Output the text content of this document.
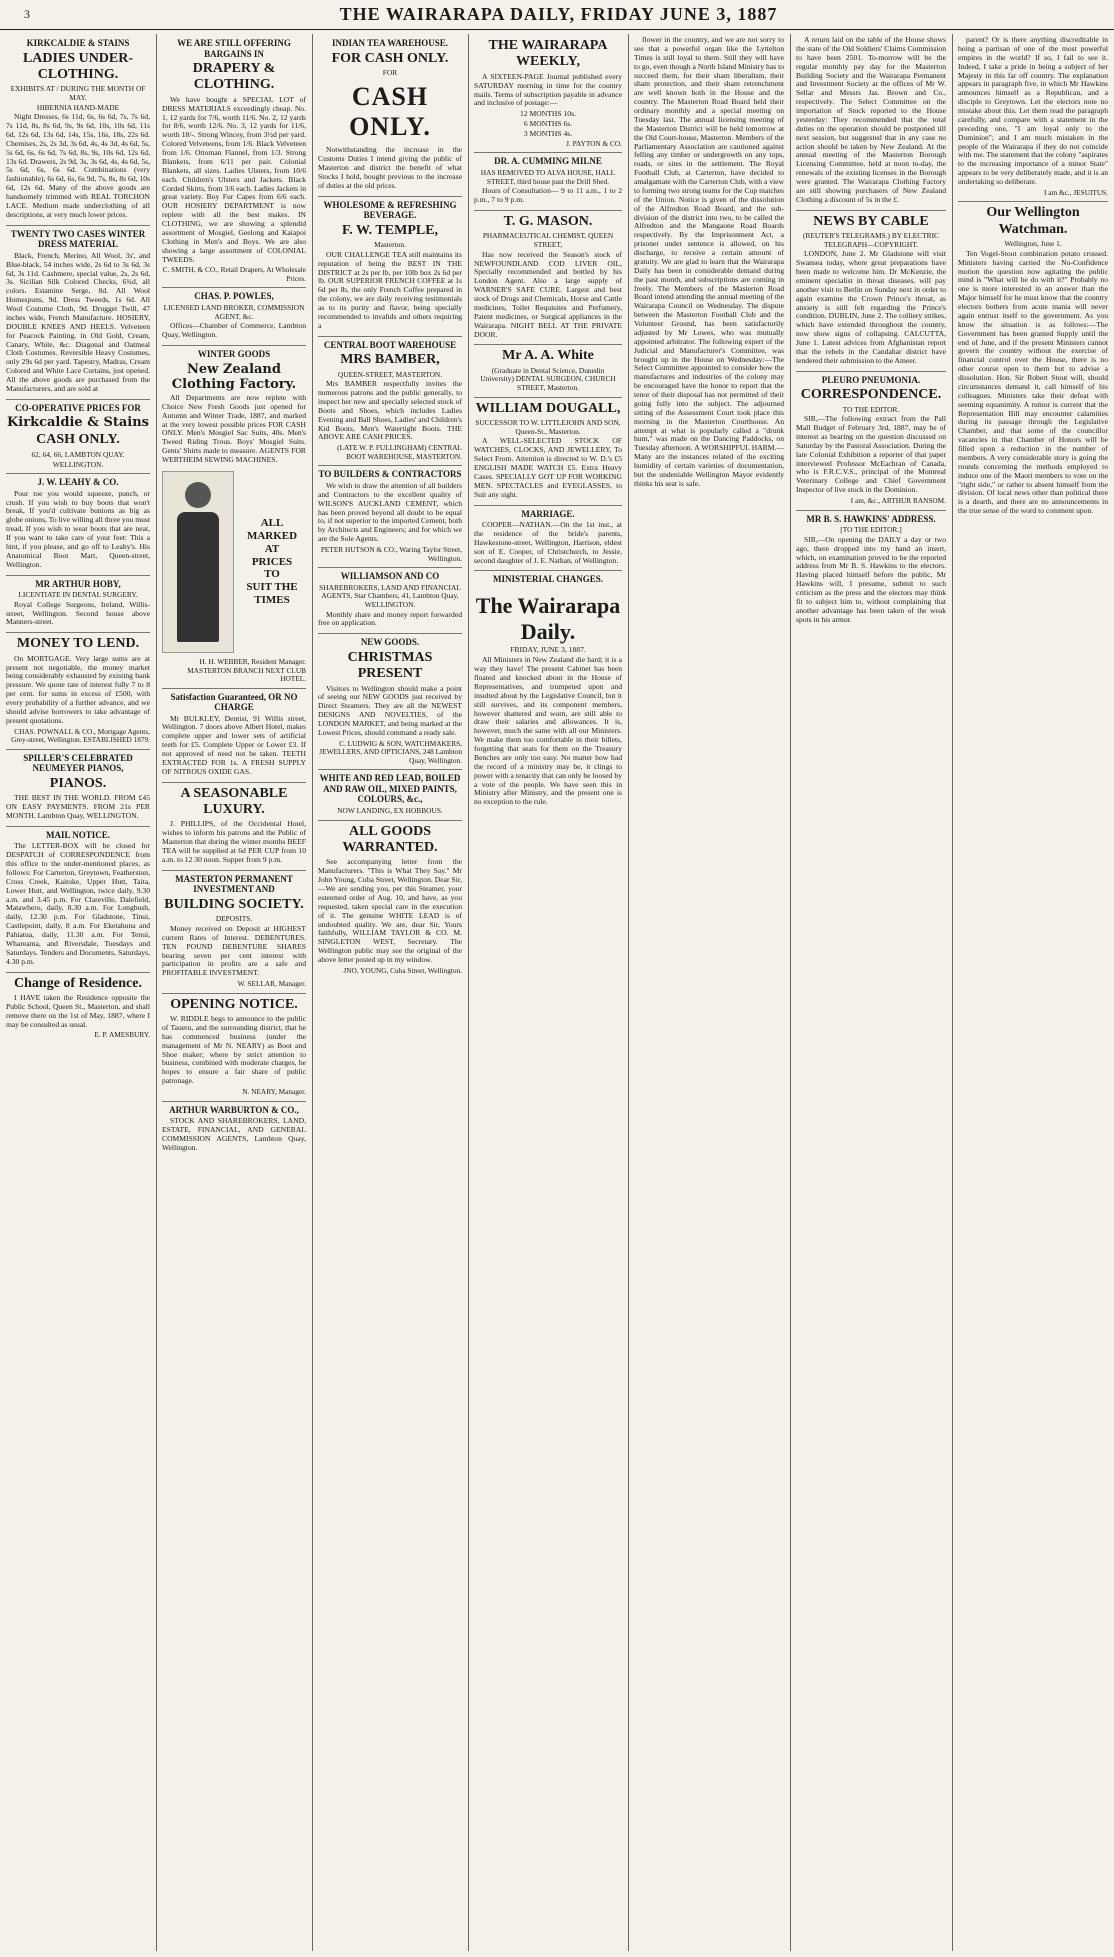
3	THE WAIRARAPA DAILY, FRIDAY JUNE 3, 1887

KIRKCALDIE & STAINS
LADIES UNDER-CLOTHING.
EXHIBITS AT / DURING THE MONTH OF MAY.
HIBERNIA HAND-MADE
Night Dresses, 6s 11d, 6s, 6s 6d, 7s, 7s 6d, 7s 11d, 8s, 8s 6d, 9s, 9s 6d, 10s, 10s 6d, 11s 6d, 12s 6d, 13s 6d, 14s, 15s, 16s, 18s, 22s 6d. Chemises, 2s, 2s 3d, 3s 6d, 4s, 4s 3d, 4s 6d, 5s, 5s 6d, 6s, 6s 6d, 7s 6d, 8s, 9s, 10s 6d, 12s 6d, 13s 6d. Drawers, 2s 9d, 3s, 3s 6d, 4s, 4s 6d, 5s, 5s 6d, 6s, 6s 6d. Combinations (very fashionable), 6s 6d, 6s, 6s 9d, 7s, 8s, 8s 6d, 10s 6d, 12s 6d. Many of the above goods are handsomely trimmed with REAL TORCHON LACE. Medium made underclothing of all descriptions, at very much lower prices.
TWENTY TWO CASES WINTER DRESS MATERIAL
Black, French, Merino, All Wool, 3s', and Blue-black, 54 inches wide, 2s 6d to 3s 6d, 3s 6d, 3s 11d. Cashmere, special value, 2s, 2s 6d, 3s. Sicilian Silk Colored Checks, 6¾d, all colors. Estamine Serge, 8d. All Wool Homespuns, 9d. Dress Tweeds, 1s 6d. All Wool Costume Cloth, 9d. Drugget Twill, 47 inches wide, French Manufacture. HOSIERY, DOUBLE KNEES AND HEELS. Velveteen for Peacock Painting, in Old Gold, Cream, Canary, White, &c. Diagonal and Oatmeal Cloth Costumes. Reversible Heavy Costumes, only 29s 6d per yard. Tapestry, Madras, Cream Colored and White Lace Curtains, just opened. All the above goods are purchased from the Manufacturers, and are sold at
CO-OPERATIVE PRICES FOR
Kirkcaldie & Stains
CASH ONLY.
62, 64, 66, LAMBTON QUAY.
WELLINGTON.
J. W. LEAHY & CO.
Pour toe you would squeeze, punch, or crush. If you wish to buy boots that won't break, If you'd cultivate bunions as big as globe onions, To live willing all three you must tread, If you wish to wear boots that are neat, If you want to take care of your feet: This a hint, if you please, and go off to Leahy's. His Anatomical Boot Mart, Queen-street, Wellington.
MR ARTHUR HOBY,
LICENTIATE IN DENTAL SURGERY.
Royal College Surgeons, Ireland, Willis-street, Wellington. Second house above Manners-street.
MONEY TO LEND.
On MORTGAGE. Very large sums are at present not negotiable, the money market being considerably exhausted by existing bank pressure. We quote rate of interest fully 7 to 8 per cent. for sums in excess of £500, with every probability of a further advance, and we should advise borrowers to take advantage of present quotations.
CHAS. POWNALL & CO., Mortgage Agents, Grey-street, Wellington. ESTABLISHED 1879.
SPILLER'S CELEBRATED NEUMEYER PIANOS,
PIANOS.
THE BEST IN THE WORLD. FROM £45 ON EASY PAYMENTS. FROM 21s PER MONTH. Lambton Quay, WELLINGTON.
MAIL NOTICE.
The LETTER-BOX will be closed for DESPATCH of CORRESPONDENCE from this office to the under-mentioned places, as follows: For Carterton, Greytown, Featherston, Cross Creek, Kaitoke, Upper Hutt, Taita, Lower Hutt, and Wellington, twice daily, 9.30 a.m. and 3.45 p.m. For Clareville, Dalefield, Matawhero, daily, 8.30 a.m. For Longbush, daily, 12.30 p.m. For Gladstone, Tinui, Castlepoint, daily, 8 a.m. For Eketahuna and Pahiatua, daily, 11.30 a.m. For Tenui, Whareama, and Riversdale, Tuesdays and Saturdays. Tenders and Documents, Saturdays, 4.30 p.m.
Change of Residence.
I HAVE taken the Residence opposite the Public School, Queen St., Masterton, and shall remove there on the 1st of May, 1887, where I may be consulted as usual.
E. P. AMESBURY.
WE ARE STILL OFFERING BARGAINS IN
DRAPERY & CLOTHING.
We have bought a SPECIAL LOT of DRESS MATERIALS exceedingly cheap. No. 1, 12 yards for 7/6, worth 11/6. No. 2, 12 yards for 8/6, worth 12/6. No. 3, 12 yards for 11/6, worth 18/-. Strong Wincey, from 3½d per yard. Colored Velveteens, from 1/6. Black Velveteen from 1/6. Ottoman Flannel, from 1/3. Strong Blankets, from 6/11 per pair. Colonial Blankets, all sizes. Ladies Ulsters, from 10/6 each. Children's Ulsters and Jackets. Black Corded Skirts, from 3/6 each. Ladies Jackets in great variety. Boy Fur Capes from 6/6 each. OUR HOSIERY DEPARTMENT is now replete with all the best makes. IN CLOTHING, we are showing a splendid assortment of Mosgiel, Geelong and Kaiapoi Clothing in Men's and Boys. We are also showing a large assortment of COLONIAL TWEEDS.
C. SMITH, & CO., Retail Drapers, At Wholesale Prices.
CHAS. P. POWLES,
LICENSED LAND BROKER, COMMISSION AGENT, &c.
Offices—Chamber of Commerce, Lambton Quay, Wellington.
WINTER GOODS
New Zealand Clothing Factory.
All Departments are now replete with Choice New Fresh Goods just opened for Autumn and Winter Trade, 1887, and marked at the very lowest possible prices FOR CASH ONLY. Men's Mosgiel Sac Suits, 40s. Men's Tweed Riding Trous. Boys' Mosgiel Suits. Gents' Shirts made to measure. AGENTS FOR WERTHEIM SEWING MACHINES.
ALL
MARKED
AT
PRICES
TO
SUIT THE
TIMES
H. H. WEBBER, Resident Manager. MASTERTON BRANCH NEXT CLUB HOTEL.
Satisfaction Guaranteed, OR NO CHARGE
Mr BULKLEY, Dentist, 91 Willis street, Wellington. 7 doors above Albert Hotel, makes complete upper and lower sets of artificial teeth for £5. Complete Upper or Lower £3. If not approved of need not be taken. TEETH EXTRACTED FOR 1s. A FRESH SUPPLY OF NITROUS OXIDE GAS.
A SEASONABLE LUXURY.
J. PHILLIPS, of the Occidental Hotel, wishes to inform his patrons and the Public of Masterton that during the winter months BEEF TEA will be supplied at 6d PER CUP from 10 a.m. to 12 30 noon. Supper from 9 p.m.
MASTERTON PERMANENT INVESTMENT AND
BUILDING SOCIETY.
DEPOSITS.
Money received on Deposit at HIGHEST current Rates of Interest. DEBENTURES. TEN POUND DEBENTURE SHARES bearing seven per cent interest with participation in profits are a safe and PROFITABLE INVESTMENT.
W. SELLAR, Manager.
OPENING NOTICE.
W. RIDDLE begs to announce to the public of Taueru, and the surrounding district, that he has commenced business (under the management of Mr N. NEARY) as Boot and Shoe maker; where by strict attention to business, combined with moderate charges, he hopes to ensure a fair share of public patronage.
N. NEARY, Manager.
ARTHUR WARBURTON & CO.,
STOCK AND SHAREBROKERS, LAND, ESTATE, FINANCIAL, AND GENERAL COMMISSION AGENTS, Lambton Quay, Wellington.
INDIAN TEA WAREHOUSE.
FOR CASH ONLY.
FOR
CASH ONLY.
Notwithstanding the increase in the Customs Duties I intend giving the public of Masterton and district the benefit of what Stocks I hold, bought previous to the increase of duties at the old prices.
WHOLESOME & REFRESHING BEVERAGE.
F. W. TEMPLE,
Masterton.
OUR CHALLENGE TEA still maintains its reputation of being the BEST IN THE DISTRICT at 2s per lb, per 10lb box 2s 6d per lb. OUR SUPERIOR FRENCH COFFEE at 1s 6d per lb, the only French Coffee prepared in the colony, we are daily receiving testimonials as to its purity and flavor, being specially recommended to invalids and others requiring a
CENTRAL BOOT WAREHOUSE
MRS BAMBER,
QUEEN-STREET, MASTERTON.
Mrs BAMBER respectfully invites the numerous patrons and the public generally, to inspect her new and specially selected stock of Boots and Shoes, which includes Ladies Evening and Ball Shoes, Ladies' and Children's Kid Boots, Men's Watertight Boots. THE ABOVE ARE CASH PRICES.
(LATE W. P. FULLINGHAM) CENTRAL BOOT WAREHOUSE, MASTERTON.
TO BUILDERS & CONTRACTORS
We wish to draw the attention of all builders and Contractors to the excellent quality of WILSON'S AUCKLAND CEMENT, which has been proved beyond all doubt to be equal to, if not superior to the imported Cement, both by Architects and Engineers; and for which we are the Sole Agents.
PETER HUTSON & CO., Waring Taylor Street, Wellington.
WILLIAMSON AND CO
SHAREBROKERS, LAND AND FINANCIAL AGENTS, Star Chambers, 41, Lambton Quay, WELLINGTON.
Monthly share and money report forwarded free on application.
NEW GOODS.
CHRISTMAS PRESENT
Visitors to Wellington should make a point of seeing our NEW GOODS just received by Direct Steamers. They are all the NEWEST DESIGNS AND NOVELTIES, of the LONDON MARKET, and being marked at the Lowest Prices, should command a ready sale.
C. LUDWIG & SON, WATCHMAKERS, JEWELLERS, AND OPTICIANS, 248 Lambton Quay, Wellington.
WHITE AND RED LEAD, BOILED AND RAW OIL, MIXED PAINTS, COLOURS, &c.,
NOW LANDING, EX HOBBOUS.
ALL GOODS WARRANTED.
See accompanying letter from the Manufacturers. "This is What They Say." Mr John Young, Cuba Street, Wellington. Dear Sir,—We are sending you, per this Steamer, your esteemed order of Aug. 10, and have, as you requested, taken special care in the execution of it. The genuine WHITE LEAD is of undoubted quality. We are, dear Sir, Yours faithfully, WILLIAM TAYLOR & CO. M. SINGLETON WEST, Secretary. The Wellington public may see the original of the above letter posted up in my window.
JNO. YOUNG, Cuba Street, Wellington.
THE WAIRARAPA WEEKLY,
A SIXTEEN-PAGE Journal published every SATURDAY morning in time for the country mails. Terms of subscription payable in advance and inclusive of postage:—
12 MONTHS 10s.
6 MONTHS 6s.
3 MONTHS 4s.
J. PAYTON & CO.
DR. A. CUMMING MILNE
HAS REMOVED TO ALVA HOUSE, HALL STREET, third house past the Drill Shed.
Hours of Consultation— 9 to 11 a.m., 1 to 2 p.m., 7 to 9 p.m.
T. G. MASON.
PHARMACEUTICAL CHEMIST, QUEEN STREET,
Has now received the Season's stock of NEWFOUNDLAND COD LIVER OIL, Specially recommended and bottled by his London Agent. Also a large supply of WARNER'S SAFE CURE. Largest and best stock of Drugs and Chemicals, Horse and Cattle medicines, Toilet Requisites and Perfumery, Patent medicines, or Surgical appliances in the Wairarapa. NIGHT BELL AT THE PRIVATE DOOR.
Mr A. A. White
(Graduate in Dental Science, Dunedin University) DENTAL SURGEON, CHURCH STREET, Masterton.
WILLIAM DOUGALL,
SUCCESSOR TO W. LITTLEJOHN AND SON, Queen-St., Masterton.
A WELL-SELECTED STOCK OF WATCHES, CLOCKS, AND JEWELLERY, To Select From. Attention is directed to W. D.'s £5 ENGLISH MADE WATCH £5. Extra Heavy Cases. SPECIALLY GOT UP FOR WORKING MEN. SPECTACLES and EYEGLASSES, to Suit any sight.
MARRIAGE.
COOPER—NATHAN.—On the 1st inst., at the residence of the bride's parents, Hawkestone-street, Wellington, Harrison, eldest son of E. Cooper, of Christchurch, to Jessie, second daughter of J. E. Nathan, of Wellington.
MINISTERIAL CHANGES.
The Wairarapa Daily.
FRIDAY, JUNE 3, 1887.
All Ministers in New Zealand die hard; it is a way they have! The present Cabinet has been floated and knocked about in the House of Representatives, and trumpeted upon and insulted about by the Legislative Council, but it still survives, and its component members, however shattered and worn, are still able to draw their salaries and allowances. It is, however, much the same with all our Ministers. We make them too comfortable in their billets, forgetting that seats for them on the Treasury Benches are only too easy. No matter how bad the record of a ministry may be, it clings to power with a tenacity that can only be loosed by a vote of the people. We have seen this in Ministry after Ministry, and the present one is no exception to the rule.
flower in the country, and we are not sorry to see that a powerful organ like the Lyttelton Times is still loyal to them. Still they will have to go, even though a North Island Ministry has to succeed them, for their sham liberalism, their sham protection, and their sham retrenchment are well known both in the House and the country. The Masterton Road Board held their ordinary monthly and a special meeting on Tuesday last. The annual licensing meeting of the Masterton District will be held tomorrow at the Old Court-house, Masterton. Members of the Parliamentary Association are cautioned against felling any timber or undergrowth on any tops, roads, or sites in the settlement. The Royal Football Club, at Carterton, have decided to amalgamate with the Carterton Club, with a view to forming two strong teams for the Cup matches of the Union. Notice is given of the dissolution of the Alfredton Road Board, and the sub-division of the district into two, to be called the Alfredton and the Mangaone Road Boards respectively. By the Imprisonment Act, a prisoner under sentence is allowed, on his discharge, to receive a certain amount of gratuity. We are glad to learn that the Wairarapa Daily has been in considerable demand during the past month, and subscriptions are coming in freely. The Members of the Masterton Road Board intend attending the annual meeting of the Wairarapa Council on Wednesday. The dispute between the Masterton Football Club and the Volunteer Ground, has been satisfactorily adjusted by Mr Lowes, who was mutually appointed arbitrator. The following expert of the Judicial and Manufacturer's Committee, was brought up in the House on Wednesday:—The Select Committee appointed to consider how the manufactures and industries of the colony may be encouraged have the honor to report that the tenor of their disposal has not permitted of their going fully into the subject. The adjourned sitting of the Assessment Court took place this morning in the Masterton Courthouse. An attempt at what is popularly called a "drunk hunt," was made on the Dancing Paddocks, on Tuesday afternoon. A WORSHIPFUL HARM.—Many are the instances related of the exciting humidity of certain varieties of documentation, but the undeniable Wellington Mayor evidently thinks his seat is safe.
A return laid on the table of the House shows the state of the Old Soldiers' Claims Commission to have been 2501. To-morrow will be the regular monthly pay day for the Masterton Building Society and the Wairarapa Permanent and Investment Society at the offices of Mr W. Sellar and Messrs Jas. Brown and Co., respectively. The Select Committee on the importation of Stock reported to the House yesterday: They recommended that the total duties on the operation should be postponed till next session, but suggested that in any case no action should be taken by New Zealand. At the annual meeting of the Masterton Borough Licensing Committee, held at noon to-day, the renewals of the existing licenses in the Borough were granted. The Wairarapa Clothing Factory are still showing purchasers of New Zealand Clothing a discount of 5s in the £.
NEWS BY CABLE
(REUTER'S TELEGRAMS.) BY ELECTRIC TELEGRAPH—COPYRIGHT.
LONDON, June 2. Mr Gladstone will visit Swansea today, where great preparations have been made to welcome him. Dr McKenzie, the eminent specialist in throat diseases, will pay another visit to Berlin on Sunday next in order to again examine the Crown Prince's throat, as anxiety is still felt regarding the Prince's condition. DUBLIN, June 2. The colliery strikes, which have extended throughout the country, now show signs of collapsing. CALCUTTA, June 1. Latest advices from Afghanistan report that the rebels in the Candahar district have tendered their submission to the Ameer.
PLEURO PNEUMONIA.
CORRESPONDENCE.
TO THE EDITOR.
SIR,—The following extract from the Pall Mall Budget of February 3rd, 1887, may be of interest as bearing on the question discussed on Saturday by the Pastoral Association. During the late Colonial Exhibition a reporter of that paper interviewed Professor McEachran of Canada, who is F.R.C.V.S., principal of the Montreal Veterinary College and Chief Government Inspector of live stock in the Dominion.
I am, &c., ARTHUR RANSOM.
MR B. S. HAWKINS' ADDRESS.
[TO THE EDITOR.]
SIR,—On opening the DAILY a day or two ago, there dropped into my hand an insert, which, on examination proved to be the reported address from Mr B. S. Hawkins to the electors. Having placed himself before the public, Mr Hawkins will, I presume, submit to such criticism as the press and the electors may think fit to subject him to, without complaining that another advantage has been taken of the weak spots in his armor.
parent? Or is there anything discreditable in being a partisan of one of the most powerful empires in the world? If so, I fail to see it. Indeed, I take a pride in being a subject of her Majesty in this far off country. The explanation appears in paragraph five, in which Mr Hawkins announces himself as a Republican, and a disciple to Greytown. Let the electors note no mistake about this. Let them read the paragraph carefully, and compare with a statement in the preceding one, "I am loyal only to the Dominion"; and I am much mistaken in the people of the Wairarapa if they do not coincide with me. The statement that the colony "aspirates to the increasing importance of a minor State" appears to be very deliberately made, and it is an undertaking so deliberate.
I am &c., JESUITUS.
Our Wellington Watchman.
Wellington, June 1.
Ten Vogel-Stout combination potato crossed. Ministers having carried the No-Confidence motion the question now agitating the public mind is "What will he do with it?" Probably no one is more interested in an answer than the Major himself for he must know that the country electors bothers from acute mania will never again entrust itself to the government. As you know the situation is as follows:—The Government has been granted Supply until the end of June, and if the present Ministers cannot govern the country without the exercise of financial control over the House, there is no other course open to them but to advise a dissolution. Hon. Sir Robert Stout will, should circumstances demand it, call himself of his colleagues. Ministers take their defeat with seeming equanimity. A rumor is current that the Representation Bill may encounter calamities during its passage through the Legislative Chamber, and that some of the councillor vacancies in that Chamber of Honors will be filled upon a reduction in the number of members. A very considerable story is going the rounds concerning the methods employed to induce one of the Maori members to vote on the "right side," or rather to absent himself from the division. Of local news other than political there is a dearth, and there are no announcements in the true sense of the word to comment upon.
